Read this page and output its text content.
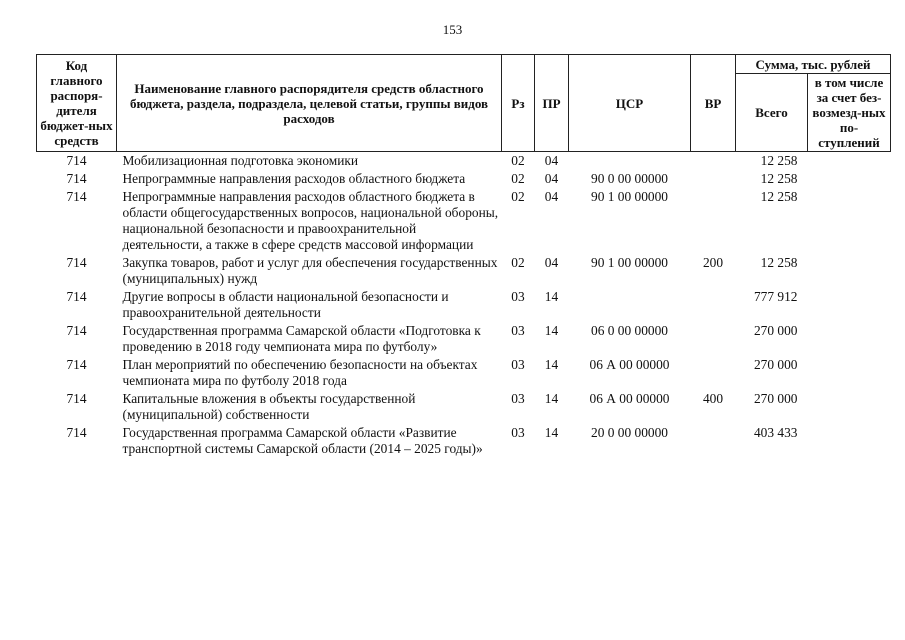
153
Код главного распоря-дителя бюджет-ных средств	Наименование главного распорядителя средств областного бюджета, раздела, подраздела, целевой статьи, группы видов расходов	Рз	ПР	ЦСР	ВР	Сумма, тыс. рублей	
						Всего	в том числе за счет без-возмезд-ных по-ступлений
714	Мобилизационная подготовка экономики	02	04			12 258	
714	Непрограммные направления расходов областного бюджета	02	04	90 0 00 00000		12 258	
714	Непрограммные направления расходов областного бюджета в области общегосударственных вопросов, национальной обороны, национальной безопасности и правоохранительной деятельности, а также в сфере средств массовой информации	02	04	90 1 00 00000		12 258	
714	Закупка товаров, работ и услуг для обеспечения государственных (муниципальных) нужд	02	04	90 1 00 00000	200	12 258	
714	Другие вопросы в области национальной безопасности и правоохранительной деятельности	03	14			777 912	
714	Государственная программа Самарской области «Подготовка к проведению в 2018 году чемпионата мира по футболу»	03	14	06 0 00 00000		270 000	
714	План мероприятий по обеспечению безопасности на объектах чемпионата мира по футболу 2018 года	03	14	06 А 00 00000		270 000	
714	Капитальные вложения в объекты государственной (муниципальной) собственности	03	14	06 А 00 00000	400	270 000	
714	Государственная программа Самарской области «Развитие транспортной системы Самарской области (2014 – 2025 годы)»	03	14	20 0 00 00000		403 433	
